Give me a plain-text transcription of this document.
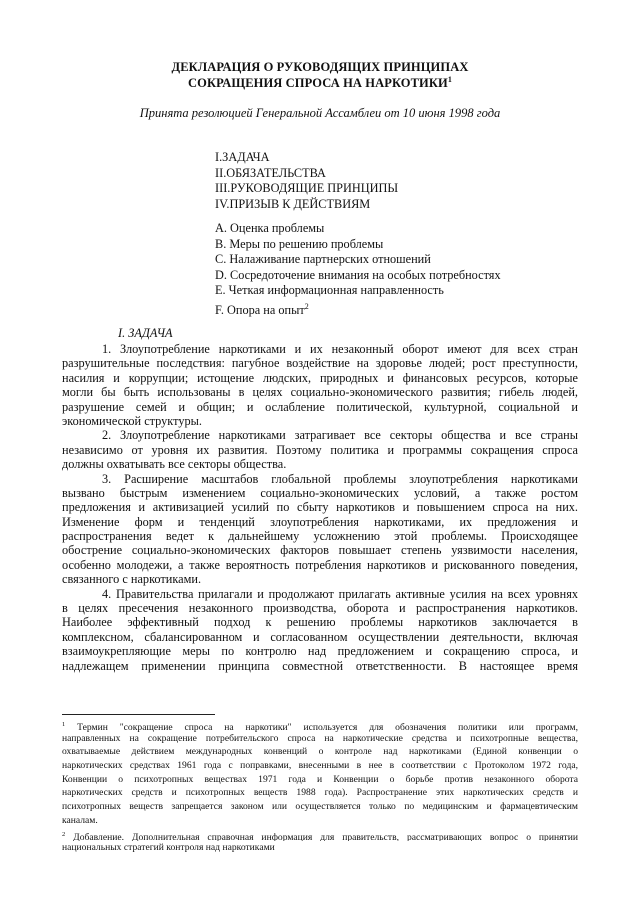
ДЕКЛАРАЦИЯ О РУКОВОДЯЩИХ ПРИНЦИПАХ
СОКРАЩЕНИЯ СПРОСА НА НАРКОТИКИ$^1$
Принята резолюцией Генеральной Ассамблеи от 10 июня 1998 года
I.ЗАДАЧА
II.ОБЯЗАТЕЛЬСТВА
III.РУКОВОДЯЩИЕ ПРИНЦИПЫ
IV.ПРИЗЫВ К ДЕЙСТВИЯМ
A. Оценка проблемы
B. Меры по решению проблемы
C. Налаживание партнерских отношений
D. Сосредоточение внимания на особых потребностях
E. Четкая информационная направленность
F. Опора на опыт$^2$
I. ЗАДАЧА
1. Злоупотребление наркотиками и их незаконный оборот имеют для всех стран
разрушительные последствия: пагубное воздействие на здоровье людей; рост преступности,
насилия и коррупции; истощение людских, природных и финансовых ресурсов, которые
могли бы быть использованы в целях социально-экономического развития; гибель людей,
разрушение семей и общин; и ослабление политической, культурной, социальной и
экономической структуры.
2. Злоупотребление наркотиками затрагивает все секторы общества и все страны
независимо от уровня их развития. Поэтому политика и программы сокращения спроса
должны охватывать все секторы общества.
3. Расширение масштабов глобальной проблемы злоупотребления наркотиками
вызвано быстрым изменением социально-экономических условий, а также ростом
предложения и активизацией усилий по сбыту наркотиков и повышением спроса на них.
Изменение форм и тенденций злоупотребления наркотиками, их предложения и
распространения ведет к дальнейшему усложнению этой проблемы. Происходящее
обострение социально-экономических факторов повышает степень уязвимости населения,
особенно молодежи, а также вероятность потребления наркотиков и рискованного поведения,
связанного с наркотиками.
4. Правительства прилагали и продолжают прилагать активные усилия на всех уровнях
в целях пресечения незаконного производства, оборота и распространения наркотиков.
Наиболее эффективный подход к решению проблемы наркотиков заключается в
комплексном, сбалансированном и согласованном осуществлении деятельности, включая
взаимоукрепляющие меры по контролю над предложением и сокращению спроса, и
надлежащем применении принципа совместной ответственности. В настоящее время
$^1$ Термин "сокращение спроса на наркотики" используется для обозначения политики или программ,
направленных на сокращение потребительского спроса на наркотические средства и психотропные вещества,
охватываемые действием международных конвенций о контроле над наркотиками (Единой конвенции о
наркотических средствах 1961 года с поправками, внесенными в нее в соответствии с Протоколом 1972 года,
Конвенции о психотропных веществах 1971 года и Конвенции о борьбе против незаконного оборота
наркотических средств и психотропных веществ 1988 года). Распространение этих наркотических средств и
психотропных веществ запрещается законом или осуществляется только по медицинским и фармацевтическим
каналам.
$^2$ Добавление. Дополнительная справочная информация для правительств, рассматривающих вопрос о принятии
национальных стратегий контроля над наркотиками
